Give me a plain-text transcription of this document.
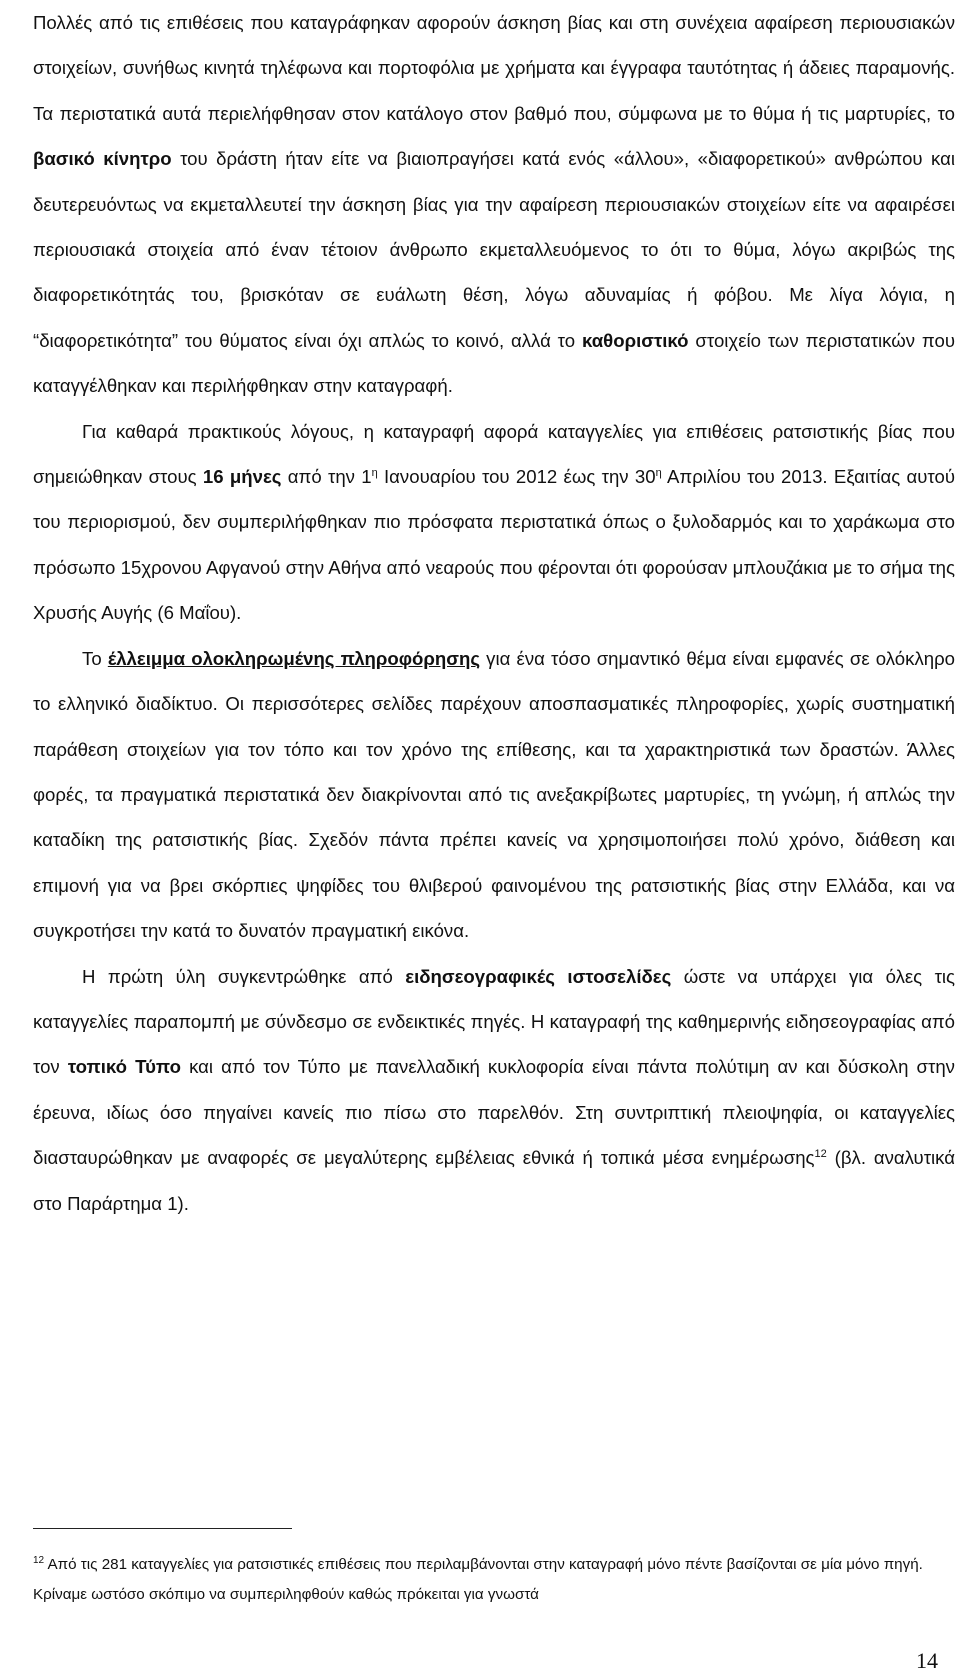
Πολλές από τις επιθέσεις που καταγράφηκαν αφορούν άσκηση βίας και στη συνέχεια αφαίρεση περιουσιακών στοιχείων, συνήθως κινητά τηλέφωνα και πορτοφόλια με χρήματα και έγγραφα ταυτότητας ή άδειες παραμονής. Τα περιστατικά αυτά περιελήφθησαν στον κατάλογο στον βαθμό που, σύμφωνα με το θύμα ή τις μαρτυρίες, το βασικό κίνητρο του δράστη ήταν είτε να βιαιοπραγήσει κατά ενός «άλλου», «διαφορετικού» ανθρώπου και δευτερευόντως να εκμεταλλευτεί την άσκηση βίας για την αφαίρεση περιουσιακών στοιχείων είτε να αφαιρέσει περιουσιακά στοιχεία από έναν τέτοιον άνθρωπο εκμεταλλευόμενος το ότι το θύμα, λόγω ακριβώς της διαφορετικότητάς του, βρισκόταν σε ευάλωτη θέση, λόγω αδυναμίας ή φόβου. Με λίγα λόγια, η “διαφορετικότητα” του θύματος είναι όχι απλώς το κοινό, αλλά το καθοριστικό στοιχείο των περιστατικών που καταγγέλθηκαν και περιλήφθηκαν στην καταγραφή.

Για καθαρά πρακτικούς λόγους, η καταγραφή αφορά καταγγελίες για επιθέσεις ρατσιστικής βίας που σημειώθηκαν στους 16 μήνες από την $1^\eta$ Ιανουαρίου του 2012 έως την $30^\eta$ Απριλίου του 2013. Εξαιτίας αυτού του περιορισμού, δεν συμπεριλήφθηκαν πιο πρόσφατα περιστατικά όπως ο ξυλοδαρμός και το χαράκωμα στο πρόσωπο 15χρονου Αφγανού στην Αθήνα από νεαρούς που φέρονται ότι φορούσαν μπλουζάκια με το σήμα της Χρυσής Αυγής (6 Μαΐου).

Το έλλειμμα ολοκληρωμένης πληροφόρησης για ένα τόσο σημαντικό θέμα είναι εμφανές σε ολόκληρο το ελληνικό διαδίκτυο. Οι περισσότερες σελίδες παρέχουν αποσπασματικές πληροφορίες, χωρίς συστηματική παράθεση στοιχείων για τον τόπο και τον χρόνο της επίθεσης, και τα χαρακτηριστικά των δραστών. Άλλες φορές, τα πραγματικά περιστατικά δεν διακρίνονται από τις ανεξακρίβωτες μαρτυρίες, τη γνώμη, ή απλώς την καταδίκη της ρατσιστικής βίας. Σχεδόν πάντα πρέπει κανείς να χρησιμοποιήσει πολύ χρόνο, διάθεση και επιμονή για να βρει σκόρπιες ψηφίδες του θλιβερού φαινομένου της ρατσιστικής βίας στην Ελλάδα, και να συγκροτήσει την κατά το δυνατόν πραγματική εικόνα.

Η πρώτη ύλη συγκεντρώθηκε από ειδησεογραφικές ιστοσελίδες ώστε να υπάρχει για όλες τις καταγγελίες παραπομπή με σύνδεσμο σε ενδεικτικές πηγές. Η καταγραφή της καθημερινής ειδησεογραφίας από τον τοπικό Τύπο και από τον Τύπο με πανελλαδική κυκλοφορία είναι πάντα πολύτιμη αν και δύσκολη στην έρευνα, ιδίως όσο πηγαίνει κανείς πιο πίσω στο παρελθόν. Στη συντριπτική πλειοψηφία, οι καταγγελίες διασταυρώθηκαν με αναφορές σε μεγαλύτερης εμβέλειας εθνικά ή τοπικά μέσα ενημέρωσης$^{12}$ (βλ. αναλυτικά στο Παράρτημα 1).

$^{12}$ Από τις 281 καταγγελίες για ρατσιστικές επιθέσεις που περιλαμβάνονται στην καταγραφή μόνο πέντε βασίζονται σε μία μόνο πηγή. Κρίναμε ωστόσο σκόπιμο να συμπεριληφθούν καθώς πρόκειται για γνωστά

14
